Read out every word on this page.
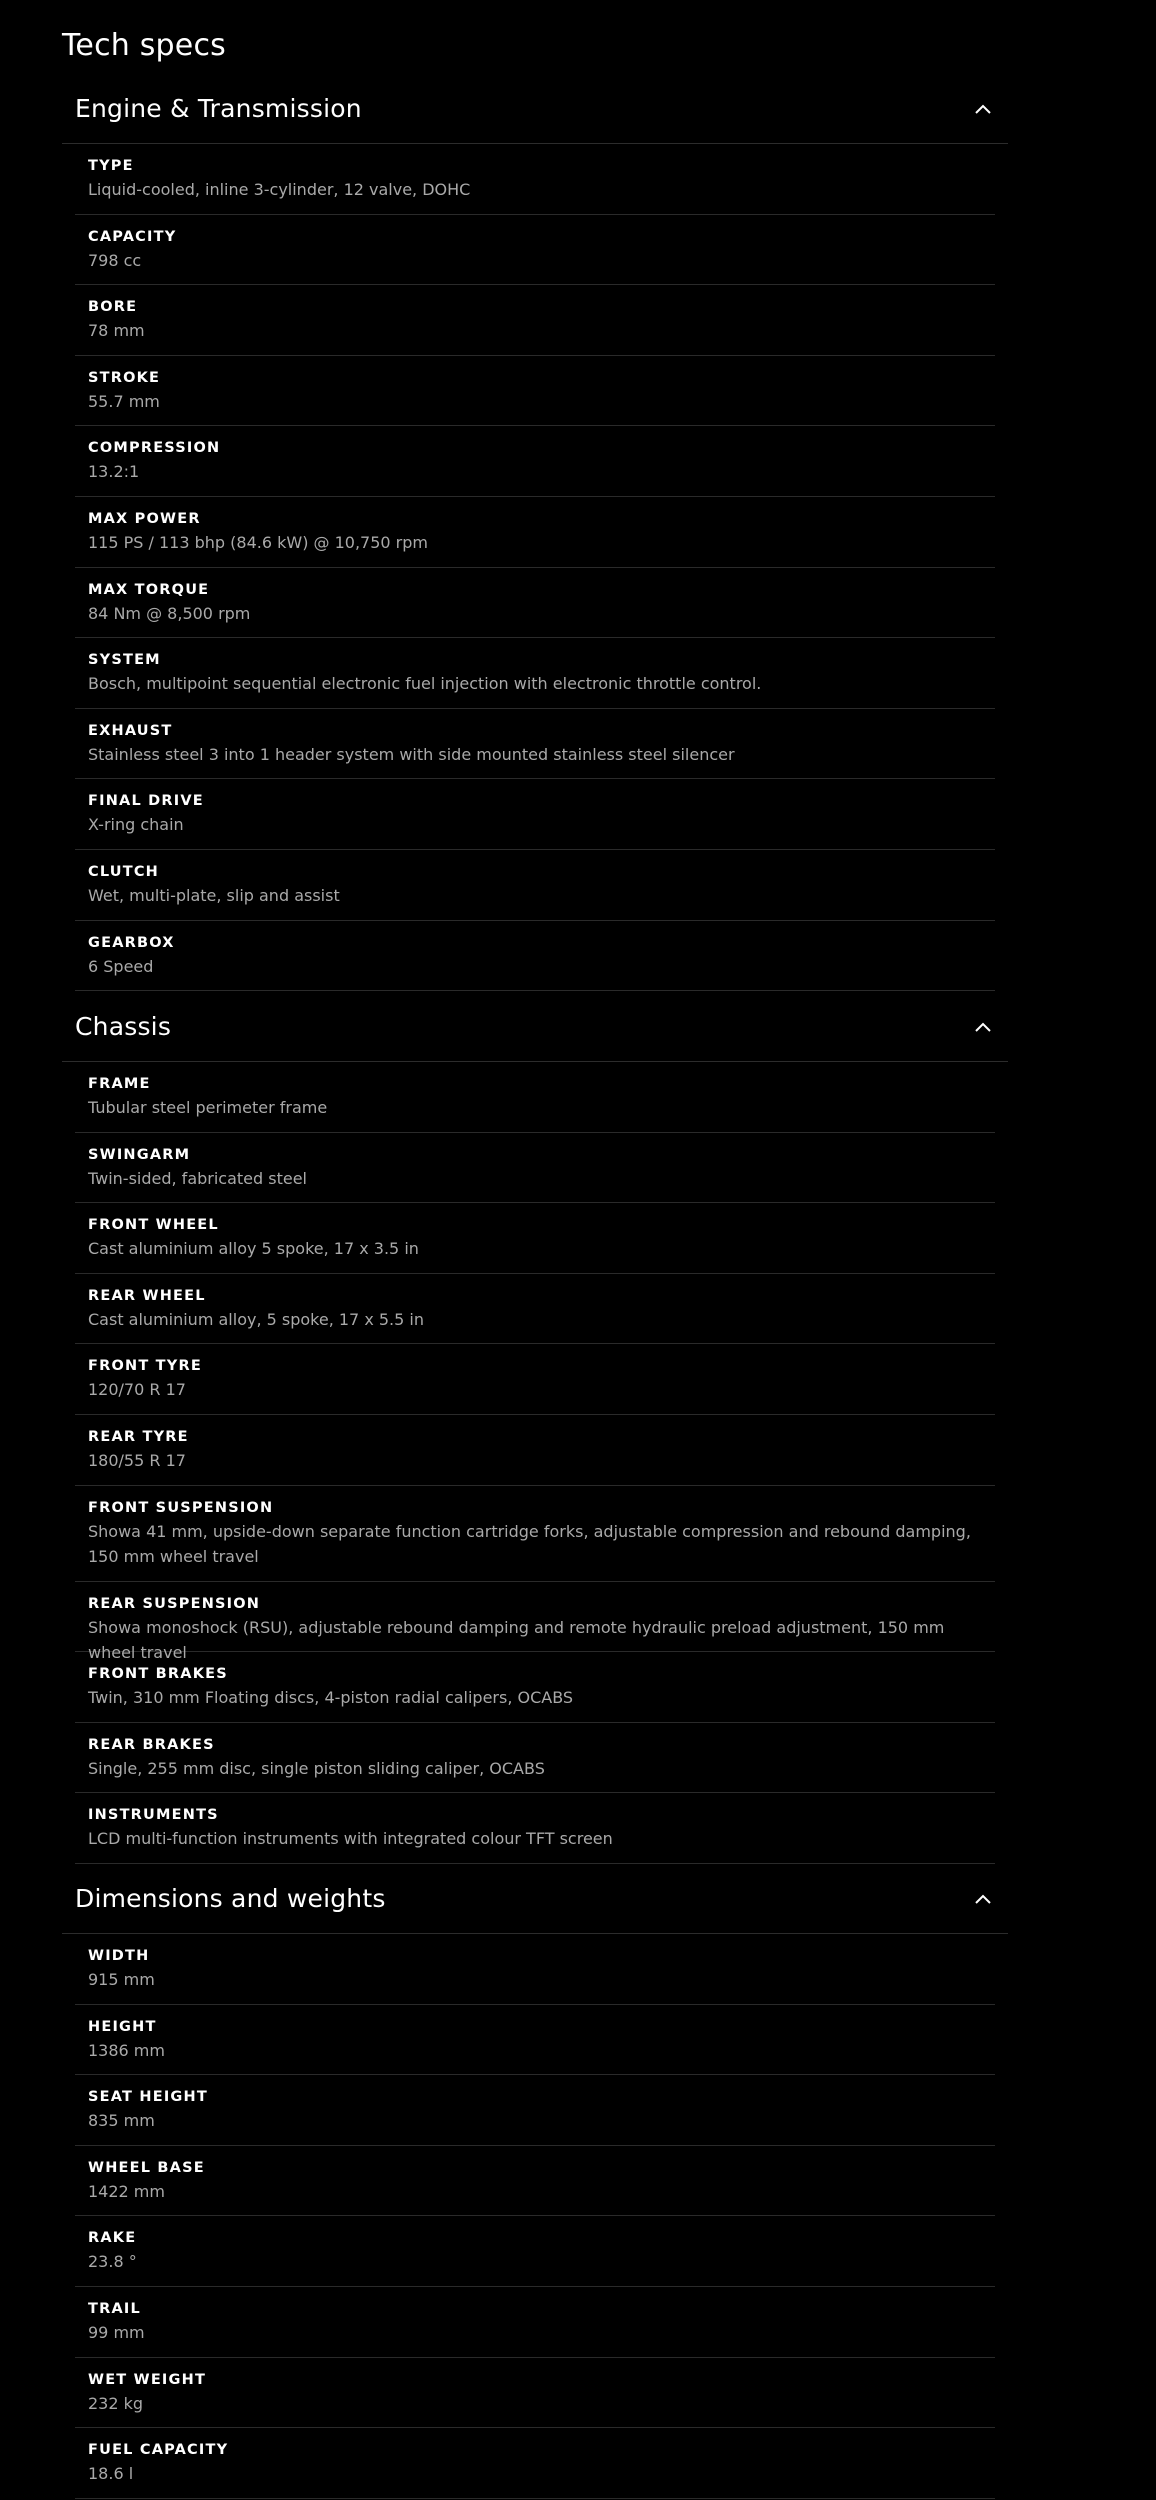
Tech specs
Engine & Transmission
TYPE
Liquid-cooled, inline 3-cylinder, 12 valve, DOHC
CAPACITY
798 cc
BORE
78 mm
STROKE
55.7 mm
COMPRESSION
13.2:1
MAX POWER
115 PS / 113 bhp (84.6 kW) @ 10,750 rpm
MAX TORQUE
84 Nm @ 8,500 rpm
SYSTEM
Bosch, multipoint sequential electronic fuel injection with electronic throttle control.
EXHAUST
Stainless steel 3 into 1 header system with side mounted stainless steel silencer
FINAL DRIVE
X-ring chain
CLUTCH
Wet, multi-plate, slip and assist
GEARBOX
6 Speed
Chassis
FRAME
Tubular steel perimeter frame
SWINGARM
Twin-sided, fabricated steel
FRONT WHEEL
Cast aluminium alloy 5 spoke, 17 x 3.5 in
REAR WHEEL
Cast aluminium alloy, 5 spoke, 17 x 5.5 in
FRONT TYRE
120/70 R 17
REAR TYRE
180/55 R 17
FRONT SUSPENSION
Showa 41 mm, upside-down separate function cartridge forks, adjustable compression and rebound damping, 150 mm wheel travel
REAR SUSPENSION
Showa monoshock (RSU), adjustable rebound damping and remote hydraulic preload adjustment, 150 mm wheel travel
FRONT BRAKES
Twin, 310 mm Floating discs, 4-piston radial calipers, OCABS
REAR BRAKES
Single, 255 mm disc, single piston sliding caliper, OCABS
INSTRUMENTS
LCD multi-function instruments with integrated colour TFT screen
Dimensions and weights
WIDTH
915 mm
HEIGHT
1386 mm
SEAT HEIGHT
835 mm
WHEEL BASE
1422 mm
RAKE
23.8 °
TRAIL
99 mm
WET WEIGHT
232 kg
FUEL CAPACITY
18.6 l
